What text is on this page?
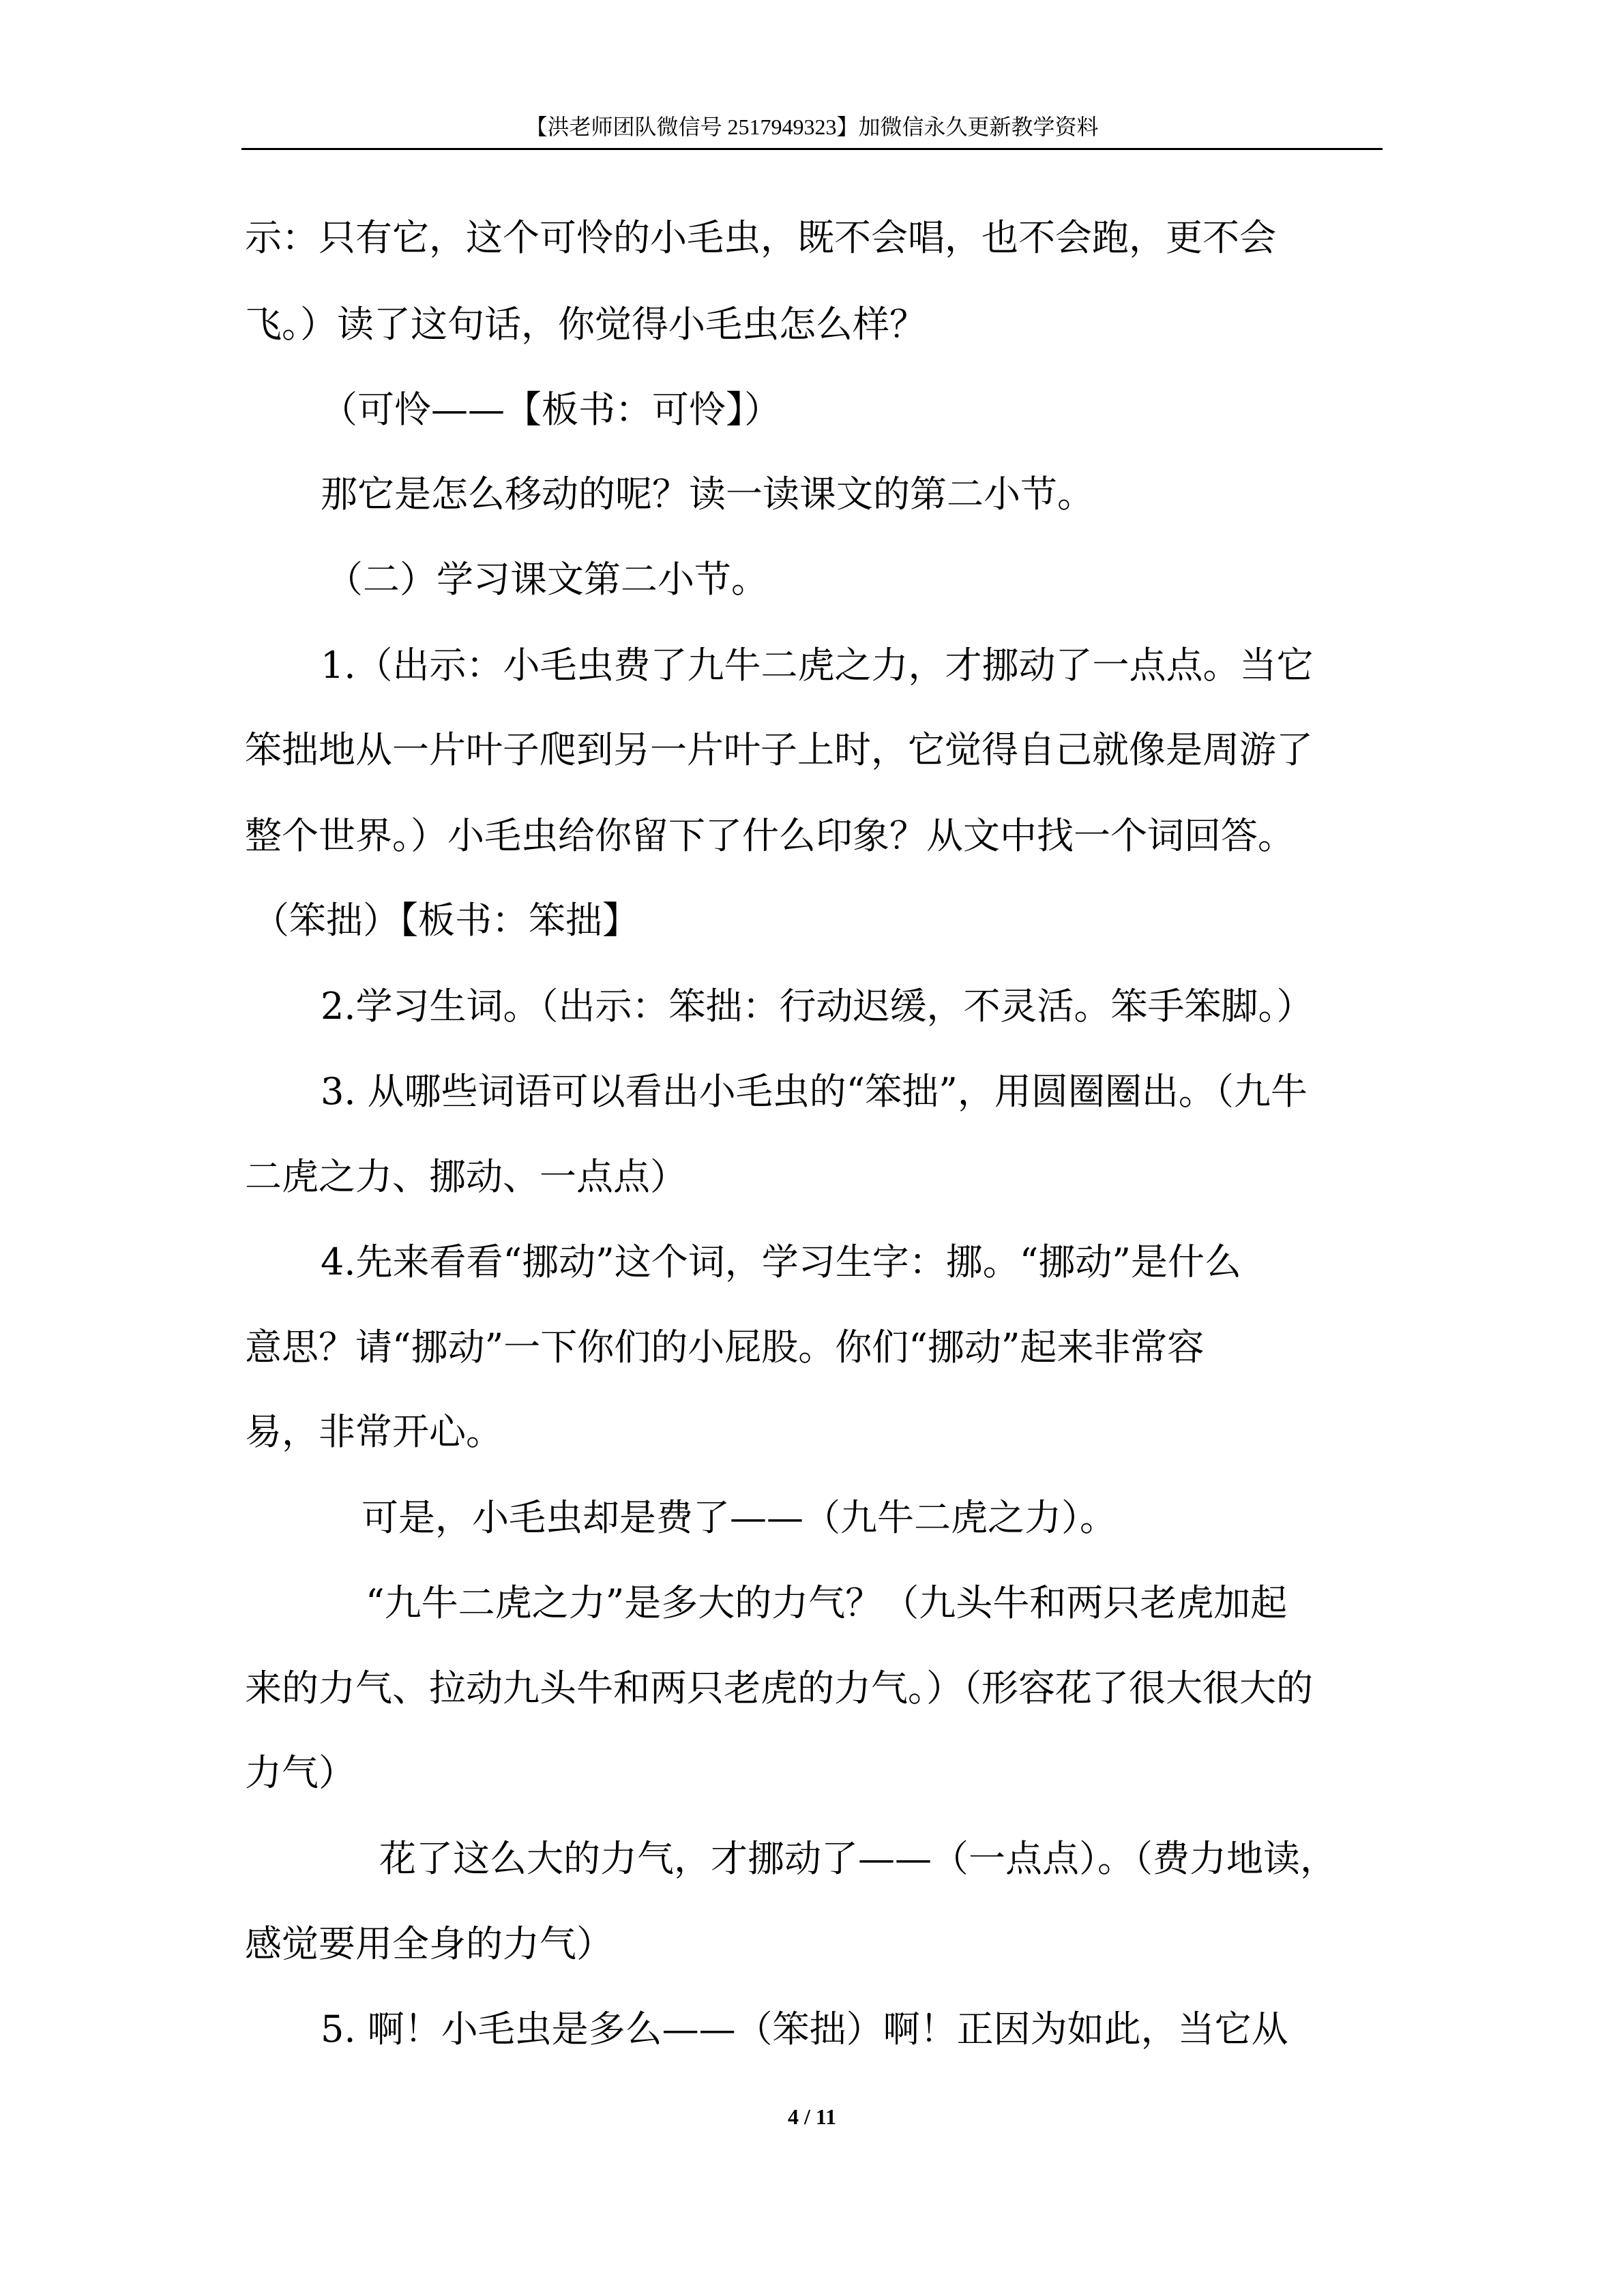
【洪老师团队微信号 2517949323】加微信永久更新教学资料
示：只有它，这个可怜的小毛虫，既不会唱，也不会跑，更不会
飞。）读了这句话，你觉得小毛虫怎么样？
（可怜——【板书：可怜】）
那它是怎么移动的呢？读一读课文的第二小节。
（二）学习课文第二小节。
1.（出示：小毛虫费了九牛二虎之力，才挪动了一点点。当它
笨拙地从一片叶子爬到另一片叶子上时，它觉得自己就像是周游了
整个世界。）小毛虫给你留下了什么印象？从文中找一个词回答。
（笨拙）【板书：笨拙】
2.学习生词。（出示：笨拙：行动迟缓，不灵活。笨手笨脚。）
3. 从哪些词语可以看出小毛虫的“笨拙”，用圆圈圈出。（九牛
二虎之力、挪动、一点点）
4.先来看看“挪动”这个词，学习生字：挪。“挪动”是什么
意思？请“挪动”一下你们的小屁股。你们“挪动”起来非常容
易，非常开心。
可是，小毛虫却是费了——（九牛二虎之力）。
“九牛二虎之力”是多大的力气？（九头牛和两只老虎加起
来的力气、拉动九头牛和两只老虎的力气。）（形容花了很大很大的
力气）
花了这么大的力气，才挪动了——（一点点）。（费力地读，
感觉要用全身的力气）
5. 啊！小毛虫是多么——（笨拙）啊！正因为如此，当它从
4 / 11
